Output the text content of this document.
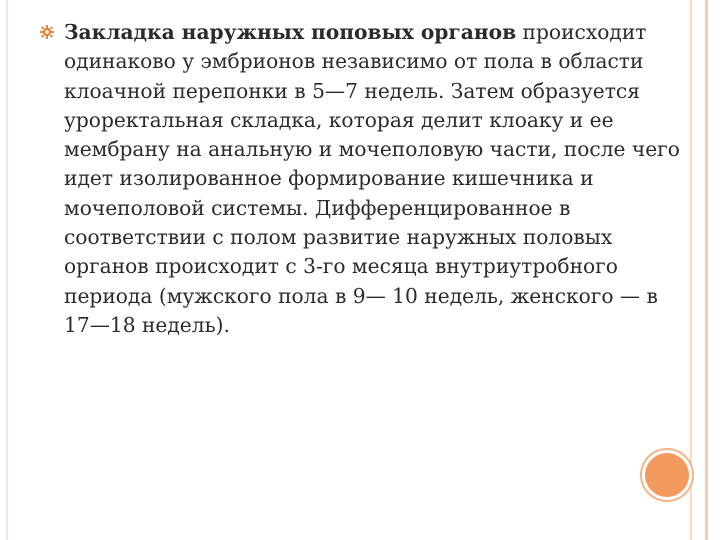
Закладка наружных поповых органов происходит одинаково у эмбрионов независимо от пола в области клоачной перепонки в 5—7 недель. Затем образуется уроректальная складка, которая делит клоаку и ее мембрану на анальную и мочеполовую части, после чего идет изолированное формирование кишечника и мочеполовой системы. Дифференцированное в соответствии с полом развитие наружных половых органов происходит с 3-го месяца внутриутробного периода (мужского пола в 9— 10 недель, женского — в 17—18 недель).
